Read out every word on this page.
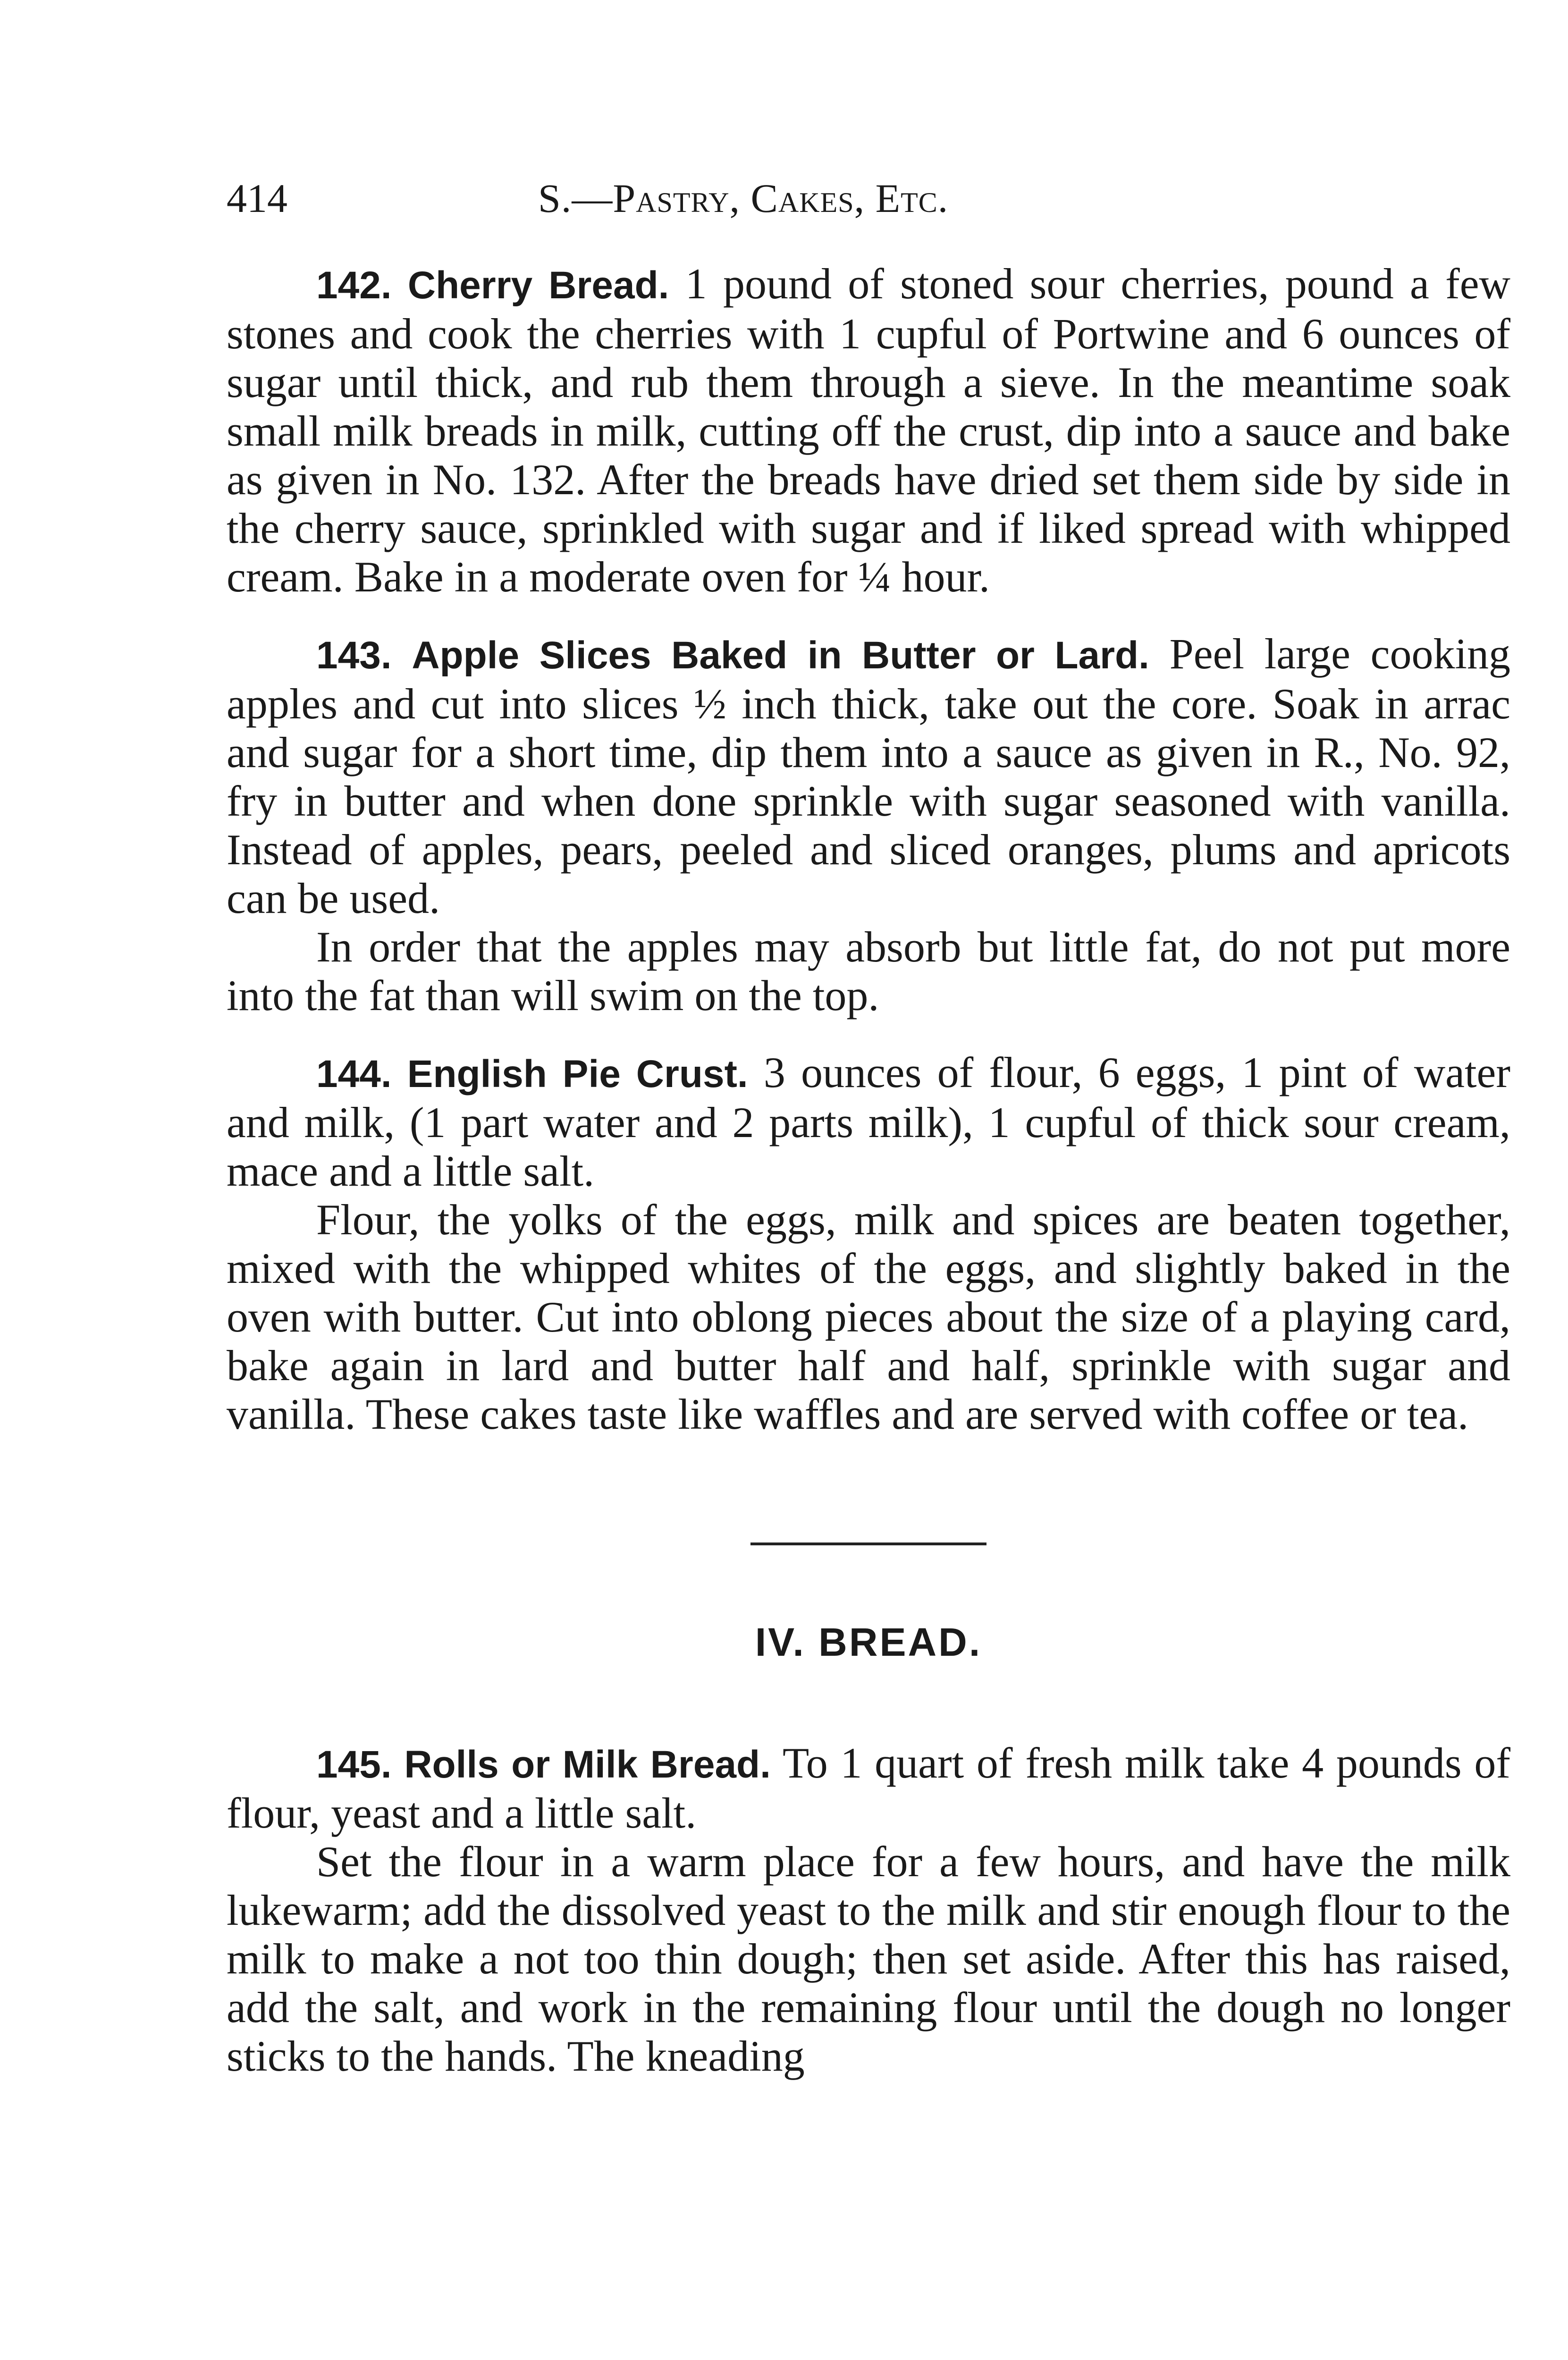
414	S.—Pastry, Cakes, Etc.

142. Cherry Bread. 1 pound of stoned sour cherries, pound a few stones and cook the cherries with 1 cupful of Portwine and 6 ounces of sugar until thick, and rub them through a sieve. In the meantime soak small milk breads in milk, cutting off the crust, dip into a sauce and bake as given in No. 132. After the breads have dried set them side by side in the cherry sauce, sprinkled with sugar and if liked spread with whipped cream. Bake in a moderate oven for ¼ hour.

143. Apple Slices Baked in Butter or Lard. Peel large cooking apples and cut into slices ½ inch thick, take out the core. Soak in arrac and sugar for a short time, dip them into a sauce as given in R., No. 92, fry in butter and when done sprinkle with sugar seasoned with vanilla. Instead of apples, pears, peeled and sliced oranges, plums and apricots can be used.

In order that the apples may absorb but little fat, do not put more into the fat than will swim on the top.

144. English Pie Crust. 3 ounces of flour, 6 eggs, 1 pint of water and milk, (1 part water and 2 parts milk), 1 cupful of thick sour cream, mace and a little salt.

Flour, the yolks of the eggs, milk and spices are beaten together, mixed with the whipped whites of the eggs, and slightly baked in the oven with butter. Cut into oblong pieces about the size of a playing card, bake again in lard and butter half and half, sprinkle with sugar and vanilla. These cakes taste like waffles and are served with coffee or tea.

IV. BREAD.

145. Rolls or Milk Bread. To 1 quart of fresh milk take 4 pounds of flour, yeast and a little salt.

Set the flour in a warm place for a few hours, and have the milk lukewarm; add the dissolved yeast to the milk and stir enough flour to the milk to make a not too thin dough; then set aside. After this has raised, add the salt, and work in the remaining flour until the dough no longer sticks to the hands. The kneading
